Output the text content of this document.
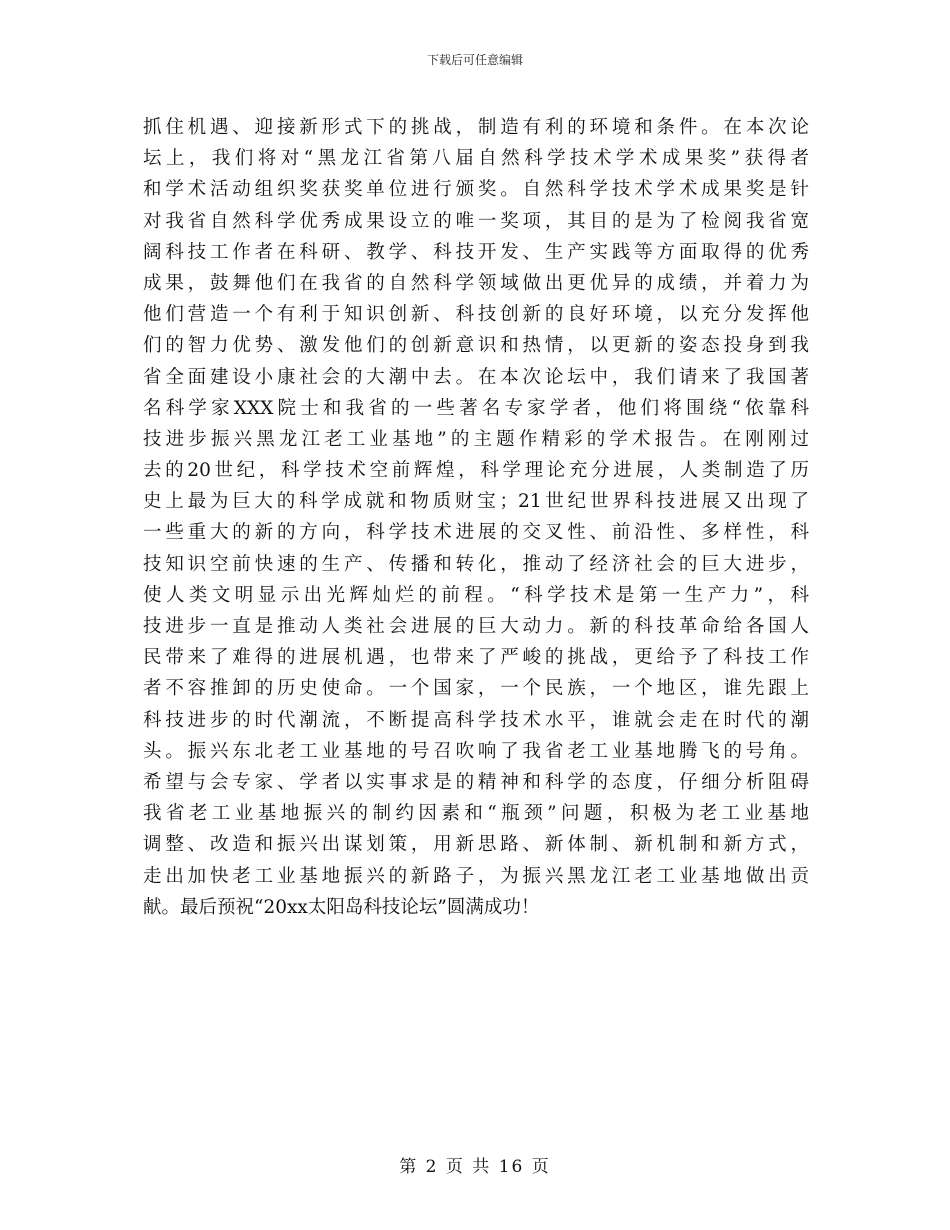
下载后可任意编辑
抓住机遇、迎接新形式下的挑战，制造有利的环境和条件。在本次论
坛上，我们将对“黑龙江省第八届自然科学技术学术成果奖”获得者
和学术活动组织奖获奖单位进行颁奖。自然科学技术学术成果奖是针
对我省自然科学优秀成果设立的唯一奖项，其目的是为了检阅我省宽
阔科技工作者在科研、教学、科技开发、生产实践等方面取得的优秀
成果，鼓舞他们在我省的自然科学领域做出更优异的成绩，并着力为
他们营造一个有利于知识创新、科技创新的良好环境，以充分发挥他
们的智力优势、激发他们的创新意识和热情，以更新的姿态投身到我
省全面建设小康社会的大潮中去。在本次论坛中，我们请来了我国著
名科学家XXX院士和我省的一些著名专家学者，他们将围绕“依靠科
技进步振兴黑龙江老工业基地”的主题作精彩的学术报告。在刚刚过
去的20世纪，科学技术空前辉煌，科学理论充分进展，人类制造了历
史上最为巨大的科学成就和物质财宝；21世纪世界科技进展又出现了
一些重大的新的方向，科学技术进展的交叉性、前沿性、多样性，科
技知识空前快速的生产、传播和转化，推动了经济社会的巨大进步，
使人类文明显示出光辉灿烂的前程。“科学技术是第一生产力”，科
技进步一直是推动人类社会进展的巨大动力。新的科技革命给各国人
民带来了难得的进展机遇，也带来了严峻的挑战，更给予了科技工作
者不容推卸的历史使命。一个国家，一个民族，一个地区，谁先跟上
科技进步的时代潮流，不断提高科学技术水平，谁就会走在时代的潮
头。振兴东北老工业基地的号召吹响了我省老工业基地腾飞的号角。
希望与会专家、学者以实事求是的精神和科学的态度，仔细分析阻碍
我省老工业基地振兴的制约因素和“瓶颈”问题，积极为老工业基地
调整、改造和振兴出谋划策，用新思路、新体制、新机制和新方式，
走出加快老工业基地振兴的新路子，为振兴黑龙江老工业基地做出贡
献。最后预祝“20xx太阳岛科技论坛”圆满成功！
第 2 页 共 16 页
